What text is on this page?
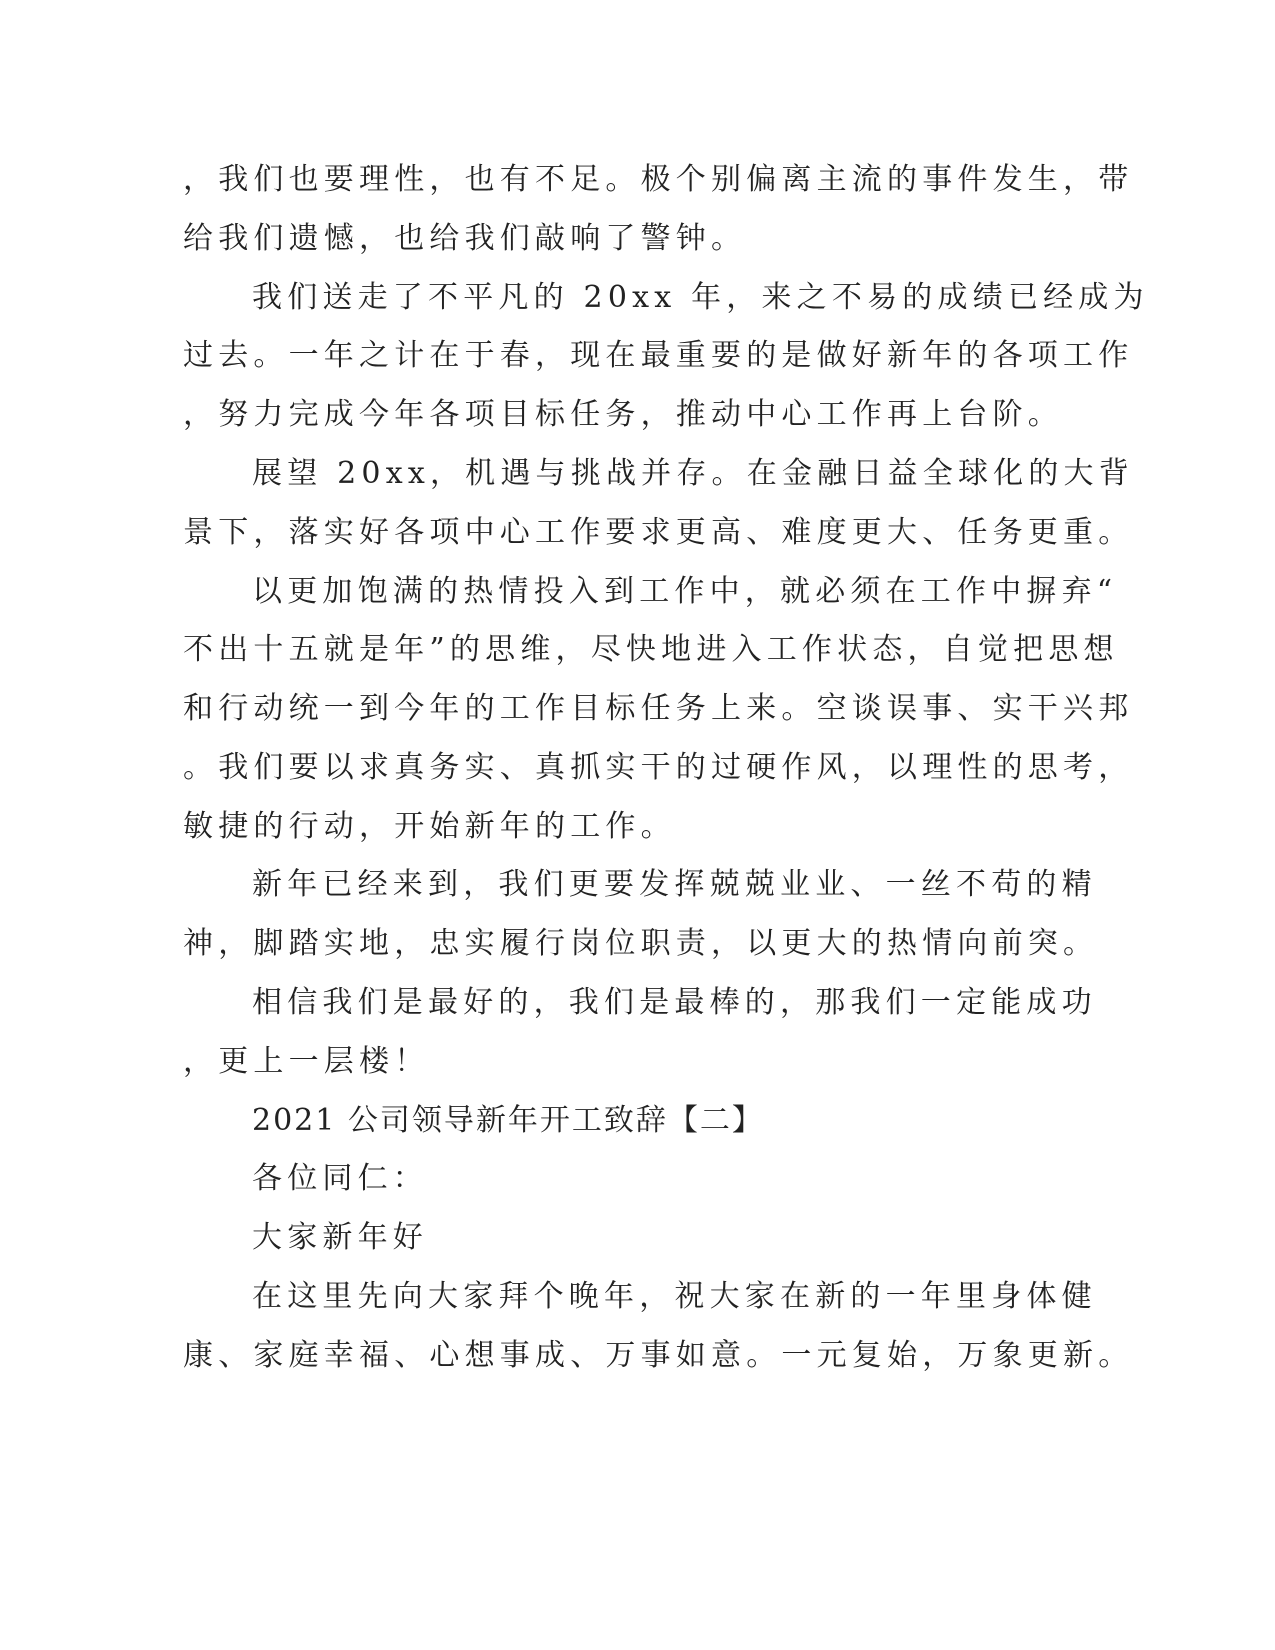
，我们也要理性，也有不足。极个别偏离主流的事件发生，带
给我们遗憾，也给我们敲响了警钟。
我们送走了不平凡的 20xx 年，来之不易的成绩已经成为
过去。一年之计在于春，现在最重要的是做好新年的各项工作
，努力完成今年各项目标任务，推动中心工作再上台阶。
展望 20xx，机遇与挑战并存。在金融日益全球化的大背
景下，落实好各项中心工作要求更高、难度更大、任务更重。
以更加饱满的热情投入到工作中，就必须在工作中摒弃“
不出十五就是年”的思维，尽快地进入工作状态，自觉把思想
和行动统一到今年的工作目标任务上来。空谈误事、实干兴邦
。我们要以求真务实、真抓实干的过硬作风，以理性的思考，
敏捷的行动，开始新年的工作。
新年已经来到，我们更要发挥兢兢业业、一丝不苟的精
神，脚踏实地，忠实履行岗位职责，以更大的热情向前突。
相信我们是最好的，我们是最棒的，那我们一定能成功
，更上一层楼！
2021 公司领导新年开工致辞【二】
各位同仁：
大家新年好
在这里先向大家拜个晚年，祝大家在新的一年里身体健
康、家庭幸福、心想事成、万事如意。一元复始，万象更新。
